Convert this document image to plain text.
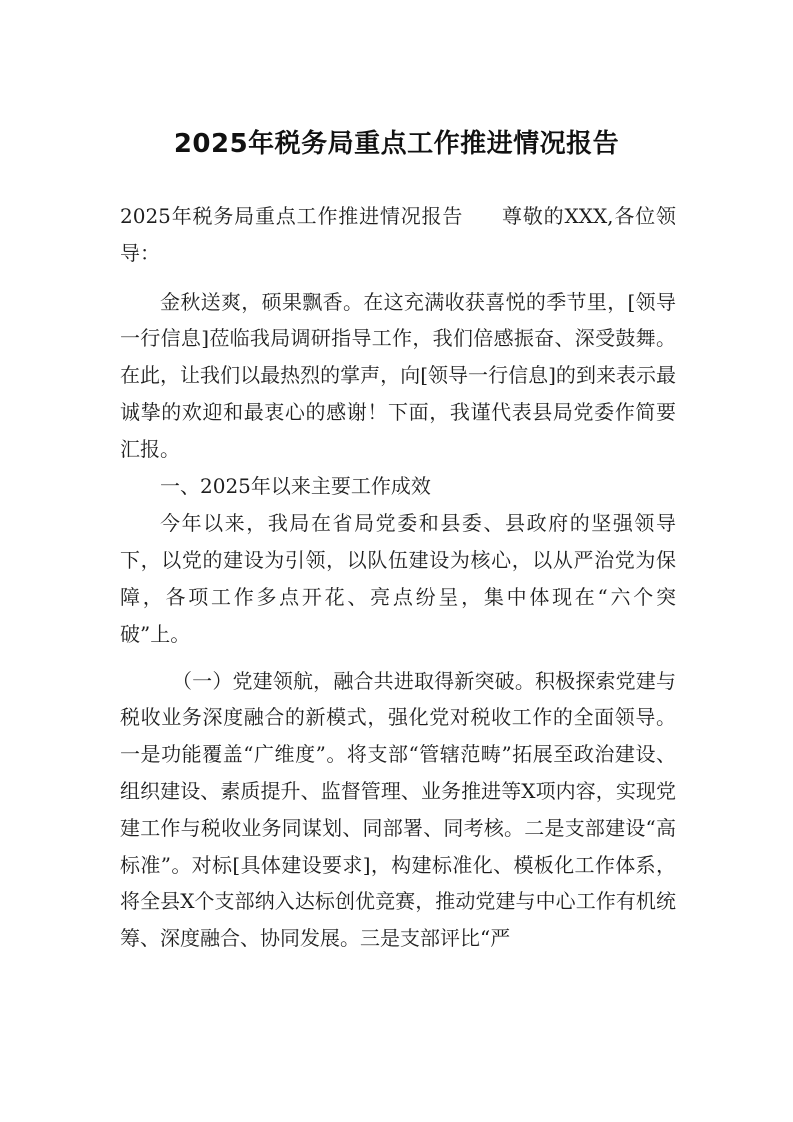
2025年税务局重点工作推进情况报告

2025年税务局重点工作推进情况报告 尊敬的XXX,各位领导：

金秋送爽，硕果飘香。在这充满收获喜悦的季节里，[领导一行信息]莅临我局调研指导工作，我们倍感振奋、深受鼓舞。在此，让我们以最热烈的掌声，向[领导一行信息]的到来表示最诚挚的欢迎和最衷心的感谢！下面，我谨代表县局党委作简要汇报。

一、2025年以来主要工作成效

今年以来，我局在省局党委和县委、县政府的坚强领导下，以党的建设为引领，以队伍建设为核心，以从严治党为保障，各项工作多点开花、亮点纷呈，集中体现在“六个突破”上。

（一）党建领航，融合共进取得新突破。积极探索党建与税收业务深度融合的新模式，强化党对税收工作的全面领导。一是功能覆盖“广维度”。将支部“管辖范畴”拓展至政治建设、组织建设、素质提升、监督管理、业务推进等X项内容，实现党建工作与税收业务同谋划、同部署、同考核。二是支部建设“高标准”。对标[具体建设要求]，构建标准化、模板化工作体系，将全县X个支部纳入达标创优竞赛，推动党建与中心工作有机统筹、深度融合、协同发展。三是支部评比“严
